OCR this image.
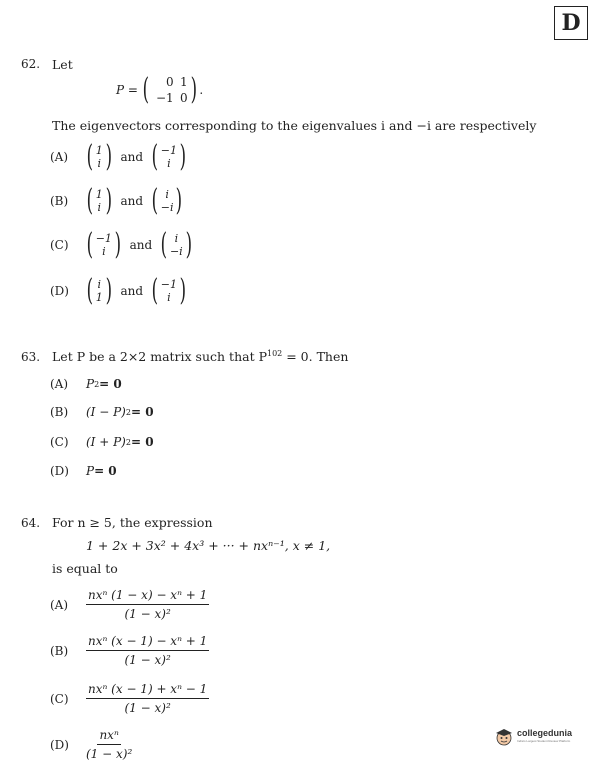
D
62. Let
P = (	0 1
−1 0 ) .
The eigenvectors corresponding to the eigenvalues i and −i are respectively
(A) ( 1
i ) and ( −1
i )
(B) ( 1
i ) and ( i
−i )
(C) ( −1
i ) and ( i
−i )
(D) ( i
1 ) and ( −1
i )
63. Let P be a 2×2 matrix such that $P^{102} = 0$. Then
(A)	P 2 = 0
(B)	(I − P) 2 = 0
(C)	(I + P) 2 = 0
(D)	P = 0
64. For n ≥ 5, the expression
1 + 2x + 3x² + 4x³ + ··· + nxⁿ⁻¹, x ≠ 1,
is equal to
(A)	$\frac{\text{nxⁿ (1 − x) − xⁿ + 1}}{\text{(1 − x)²}}$
(B)	$\frac{\text{nxⁿ (x − 1) − xⁿ + 1}}{\text{(1 − x)²}}$
(C)	$\frac{\text{nxⁿ (x − 1) + xⁿ − 1}}{\text{(1 − x)²}}$
(D)	$\frac{\text{nxⁿ}}{\text{(1 − x)²}}$	collegedunia
India's Largest Student Review Platform
